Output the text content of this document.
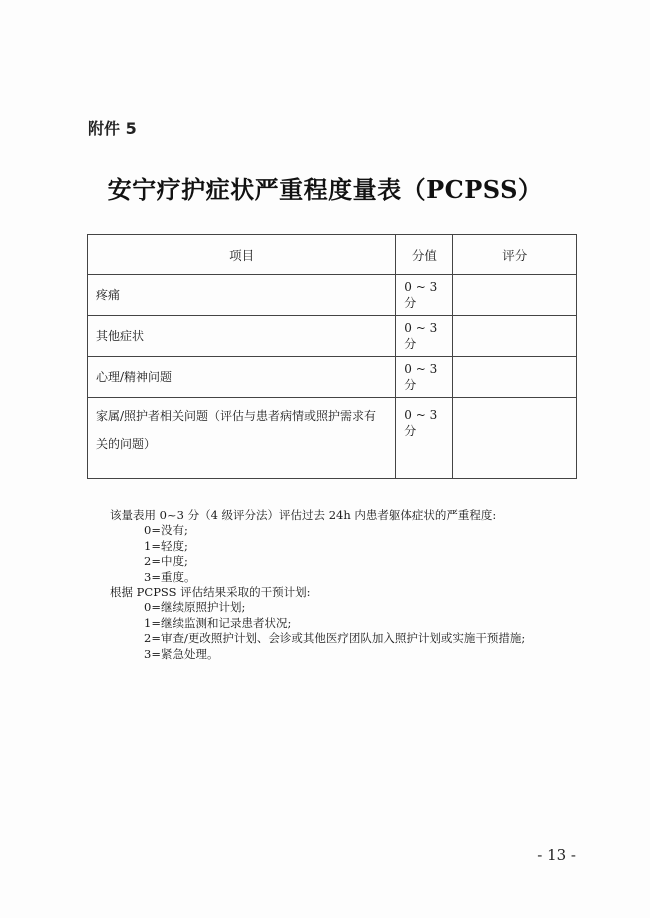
附件 5
安宁疗护症状严重程度量表（PCPSS）
项目	分值	评分
疼痛	0 ~ 3 分	
其他症状	0 ~ 3 分	
心理/精神问题	0 ~ 3 分	
家属/照护者相关问题（评估与患者病情或照护需求有关的问题）	0 ~ 3 分	
该量表用 0~3 分（4 级评分法）评估过去 24h 内患者躯体症状的严重程度:
0=没有;
1=轻度;
2=中度;
3=重度。
根据 PCPSS 评估结果采取的干预计划:
0=继续原照护计划;
1=继续监测和记录患者状况;
2=审查/更改照护计划、会诊或其他医疗团队加入照护计划或实施干预措施;
3=紧急处理。
- 13 -
